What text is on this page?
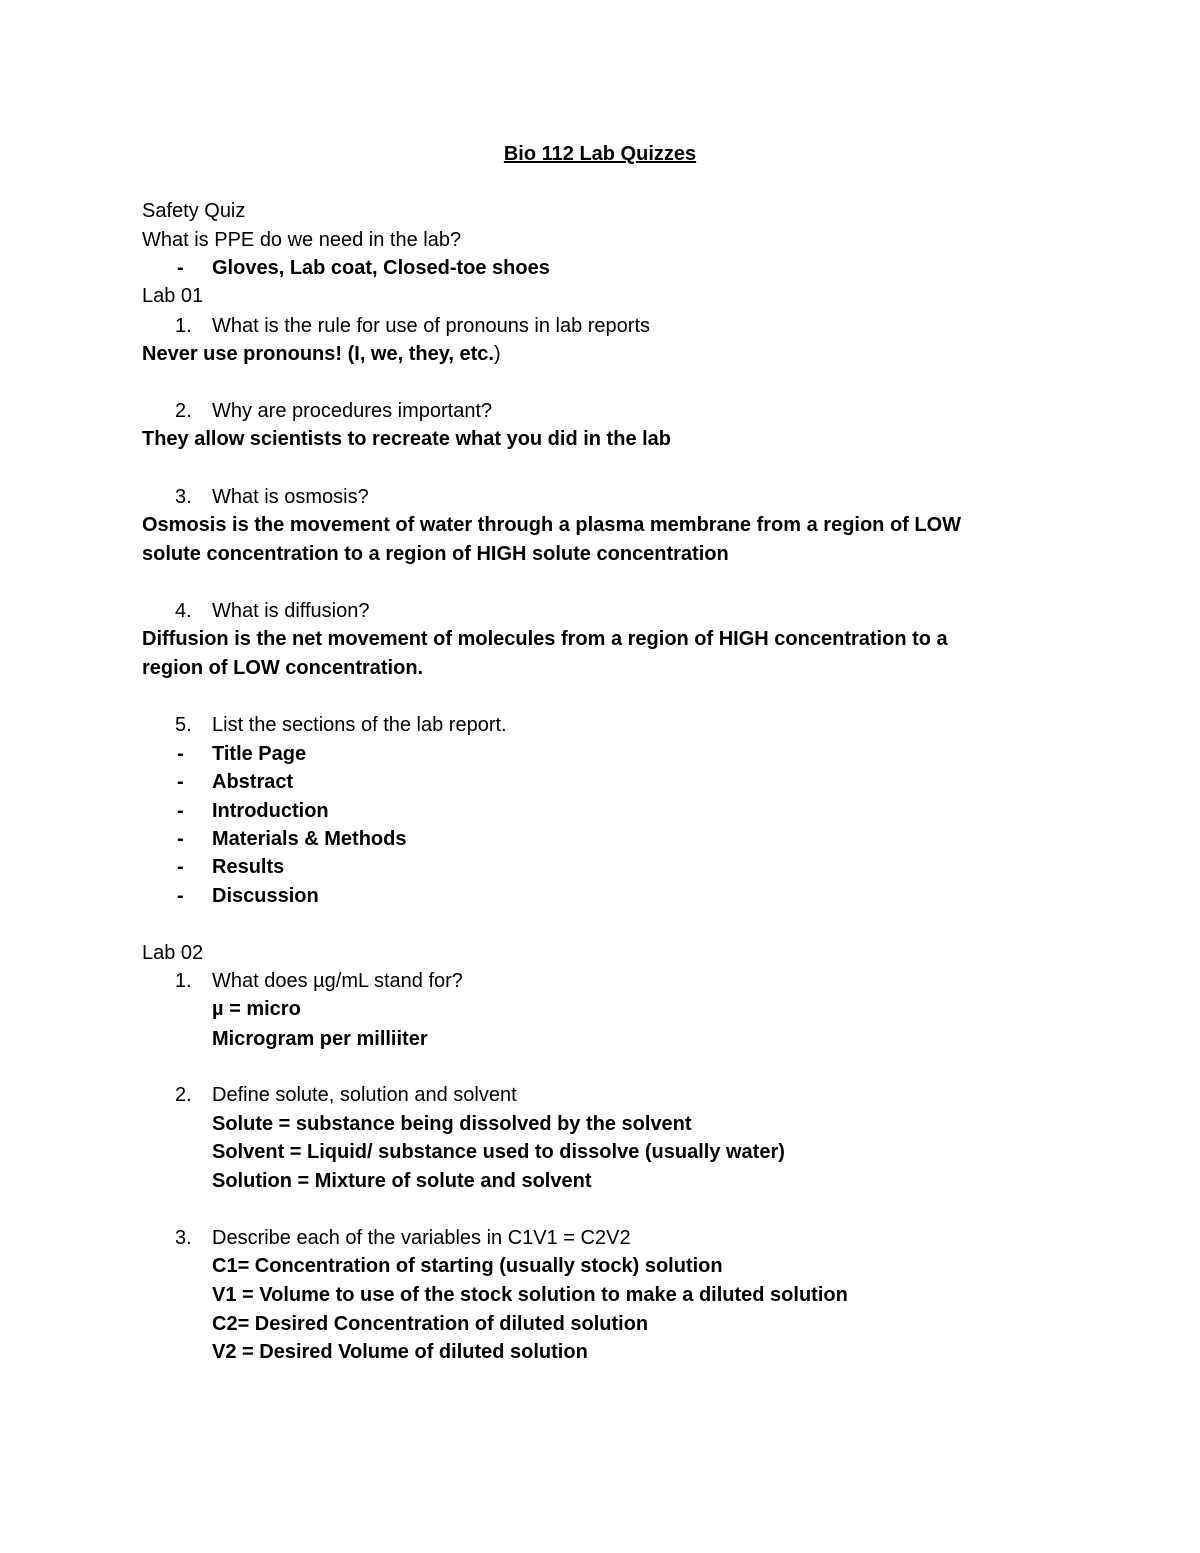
Bio 112 Lab Quizzes
Safety Quiz
What is PPE do we need in the lab?
- Gloves, Lab coat, Closed-toe shoes
Lab 01
1. What is the rule for use of pronouns in lab reports
Never use pronouns! (I, we, they, etc.)
2. Why are procedures important?
They allow scientists to recreate what you did in the lab
3. What is osmosis?
Osmosis is the movement of water through a plasma membrane from a region of LOW
solute concentration to a region of HIGH solute concentration
4. What is diffusion?
Diffusion is the net movement of molecules from a region of HIGH concentration to a
region of LOW concentration.
5. List the sections of the lab report.
- Title Page
- Abstract
- Introduction
- Materials & Methods
- Results
- Discussion
Lab 02
1. What does µg/mL stand for?
µ = micro
Microgram per milliiter
2. Define solute, solution and solvent
Solute = substance being dissolved by the solvent
Solvent = Liquid/ substance used to dissolve (usually water)
Solution = Mixture of solute and solvent
3. Describe each of the variables in C1V1 = C2V2
C1= Concentration of starting (usually stock) solution
V1 = Volume to use of the stock solution to make a diluted solution
C2= Desired Concentration of diluted solution
V2 = Desired Volume of diluted solution
